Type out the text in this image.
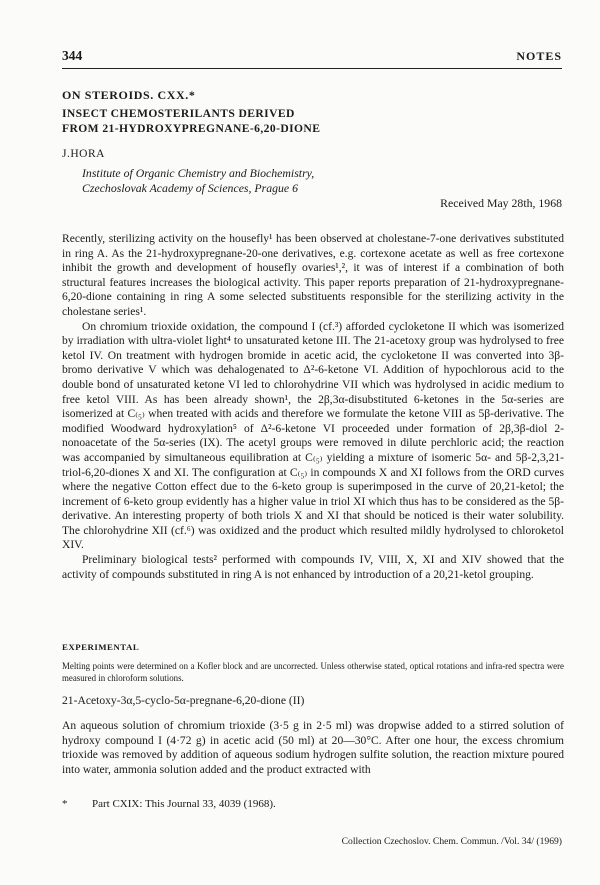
344	NOTES
ON STEROIDS. CXX.*
INSECT CHEMOSTERILANTS DERIVED
FROM 21-HYDROXYPREGNANE-6,20-DIONE
J.HORA
Institute of Organic Chemistry and Biochemistry,
Czechoslovak Academy of Sciences, Prague 6
Received May 28th, 1968

Recently, sterilizing activity on the housefly¹ has been observed at cholestane-7-one derivatives substituted in ring A. As the 21-hydroxypregnane-20-one derivatives, e.g. cortexone acetate as well as free cortexone inhibit the growth and development of housefly ovaries¹,², it was of interest if a combination of both structural features increases the biological activity. This paper reports preparation of 21-hydroxypregnane-6,20-dione containing in ring A some selected substituents responsible for the sterilizing activity in the cholestane series¹.

On chromium trioxide oxidation, the compound I (cf.³) afforded cycloketone II which was isomerized by irradiation with ultra-violet light⁴ to unsaturated ketone III. The 21-acetoxy group was hydrolysed to free ketol IV. On treatment with hydrogen bromide in acetic acid, the cycloketone II was converted into 3β-bromo derivative V which was dehalogenated to Δ²-6-ketone VI. Addition of hypochlorous acid to the double bond of unsaturated ketone VI led to chlorohydrine VII which was hydrolysed in acidic medium to free ketol VIII. As has been already shown¹, the 2β,3α-disubstituted 6-ketones in the 5α-series are isomerized at C₍₅₎ when treated with acids and therefore we formulate the ketone VIII as 5β-derivative. The modified Woodward hydroxylation⁵ of Δ²-6-ketone VI proceeded under formation of 2β,3β-diol 2-nonoacetate of the 5α-series (IX). The acetyl groups were removed in dilute perchloric acid; the reaction was accompanied by simultaneous equilibration at C₍₅₎ yielding a mixture of isomeric 5α- and 5β-2,3,21-triol-6,20-diones X and XI. The configuration at C₍₅₎ in compounds X and XI follows from the ORD curves where the negative Cotton effect due to the 6-keto group is superimposed in the curve of 20,21-ketol; the increment of 6-keto group evidently has a higher value in triol XI which thus has to be considered as the 5β-derivative. An interesting property of both triols X and XI that should be noticed is their water solubility. The chlorohydrine XII (cf.⁶) was oxidized and the product which resulted mildly hydrolysed to chloroketol XIV.

Preliminary biological tests² performed with compounds IV, VIII, X, XI and XIV showed that the activity of compounds substituted in ring A is not enhanced by introduction of a 20,21-ketol grouping.

EXPERIMENTAL
Melting points were determined on a Kofler block and are uncorrected. Unless otherwise stated, optical rotations and infra-red spectra were measured in chloroform solutions.
21-Acetoxy-3α,5-cyclo-5α-pregnane-6,20-dione (II)

An aqueous solution of chromium trioxide (3·5 g in 2·5 ml) was dropwise added to a stirred solution of hydroxy compound I (4·72 g) in acetic acid (50 ml) at 20—30°C. After one hour, the excess chromium trioxide was removed by addition of aqueous sodium hydrogen sulfite solution, the reaction mixture poured into water, ammonia solution added and the product extracted with

* Part CXIX: This Journal 33, 4039 (1968).
Collection Czechoslov. Chem. Commun. /Vol. 34/ (1969)
